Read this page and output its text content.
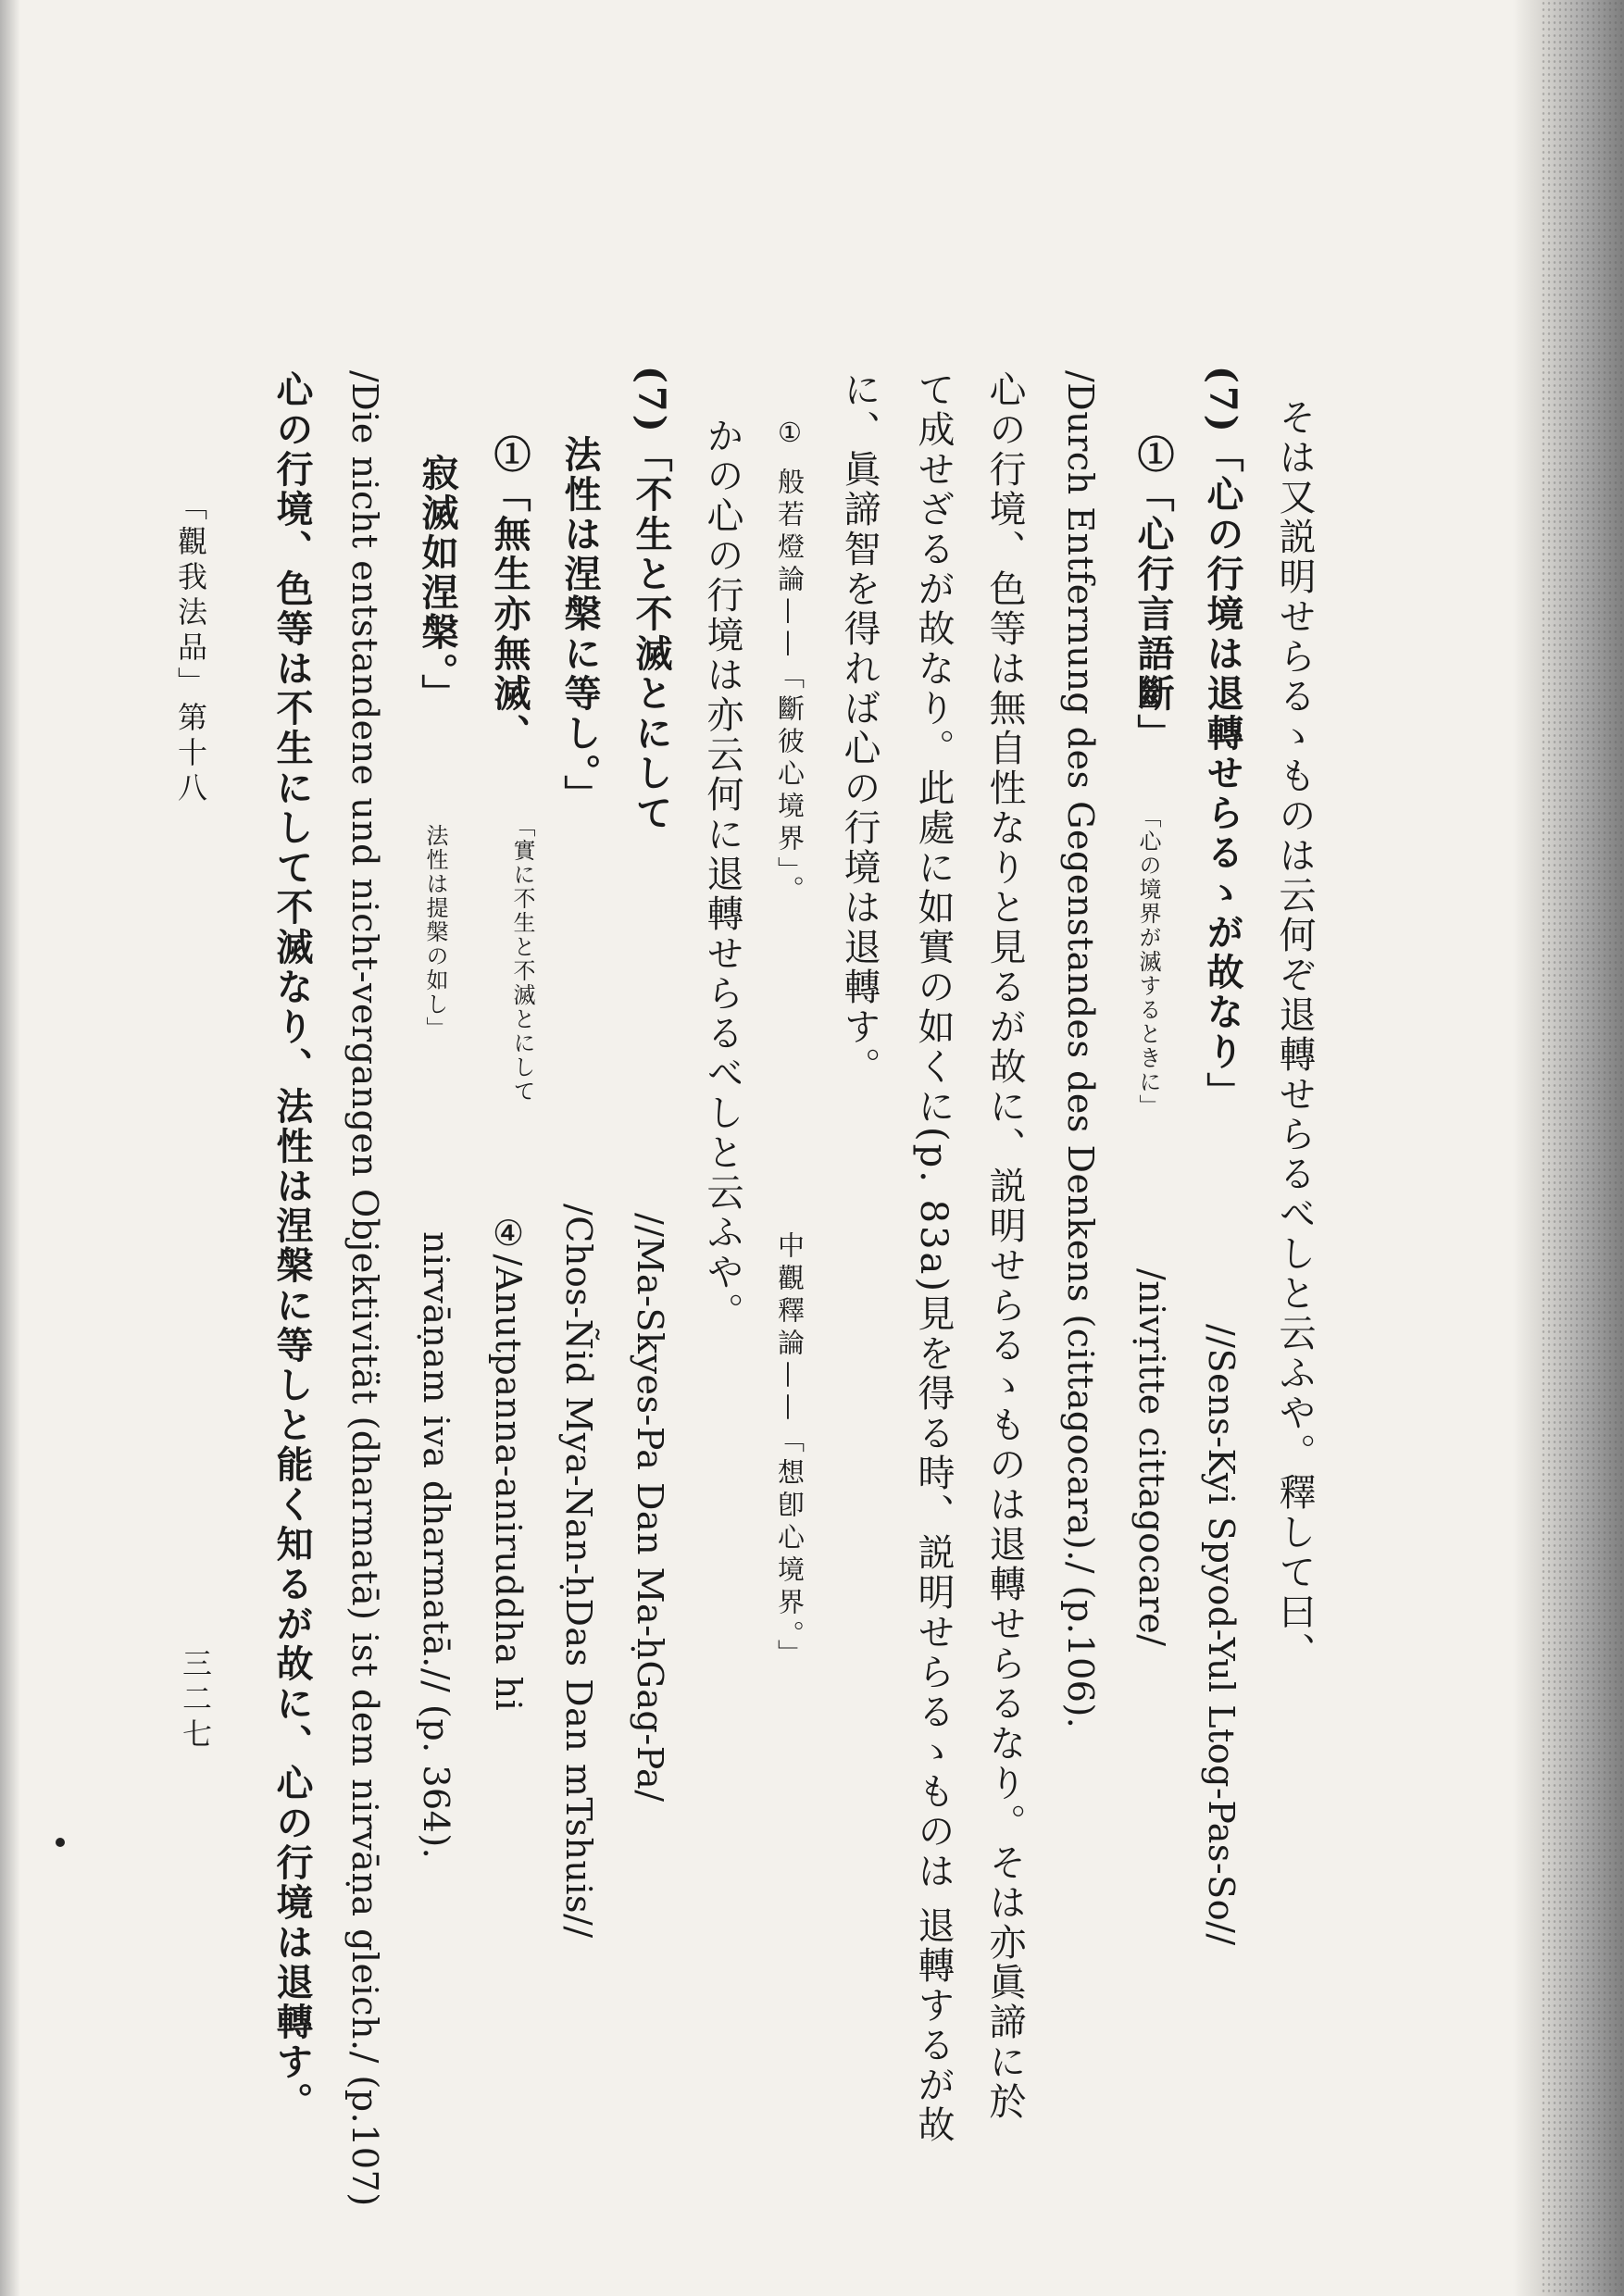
そは又説明せらるゝものは云何ぞ退轉せらるべしと云ふや。釋して曰、
(7)「心の行境は退轉せらるゝが故なり」
//Sens-Kyi Spyod-Yul Ltog-Pas-So//
①「心行言語斷」
「心の境界が滅するときに」
/nivṛitte cittagocare/
/Durch Entfernung des Gegenstandes des Denkens (cittagocara)./ (p.106).
心の行境、色等は無自性なりと見るが故に、説明せらるゝものは退轉せらるなり。そは亦眞諦に於
て成せざるが故なり。此處に如實の如くに(p. 83a)見を得る時、説明せらるゝものは 退轉するが故
に、眞諦智を得れば心の行境は退轉す。
① 般若燈論——「斷彼心境界」。
中觀釋論——「想卽心境界。」
かの心の行境は亦云何に退轉せらるべしと云ふや。
(7)「不生と不滅とにして
//Ma-Skyes-Pa Dan Ma-ḥGag-Pa/
法性は涅槃に等し。」
/Chos-Ñid Mya-Nan-ḥDas Dan mTshuis//
①「無生亦無滅、
「實に不生と不滅とにして
④/Anutpanna-aniruddha hi
寂滅如涅槃。」
法性は提槃の如し」
nirvāṇam iva dharmatā.// (p. 364).
/Die nicht entstandene und nicht-vergangen Objektivität (dharmatā) ist dem nirvāṇa gleich./ (p.107)
心の行境、色等は不生にして不滅なり、法性は涅槃に等しと能く知るが故に、心の行境は退轉す。
「觀我法品」第十八
三二七
